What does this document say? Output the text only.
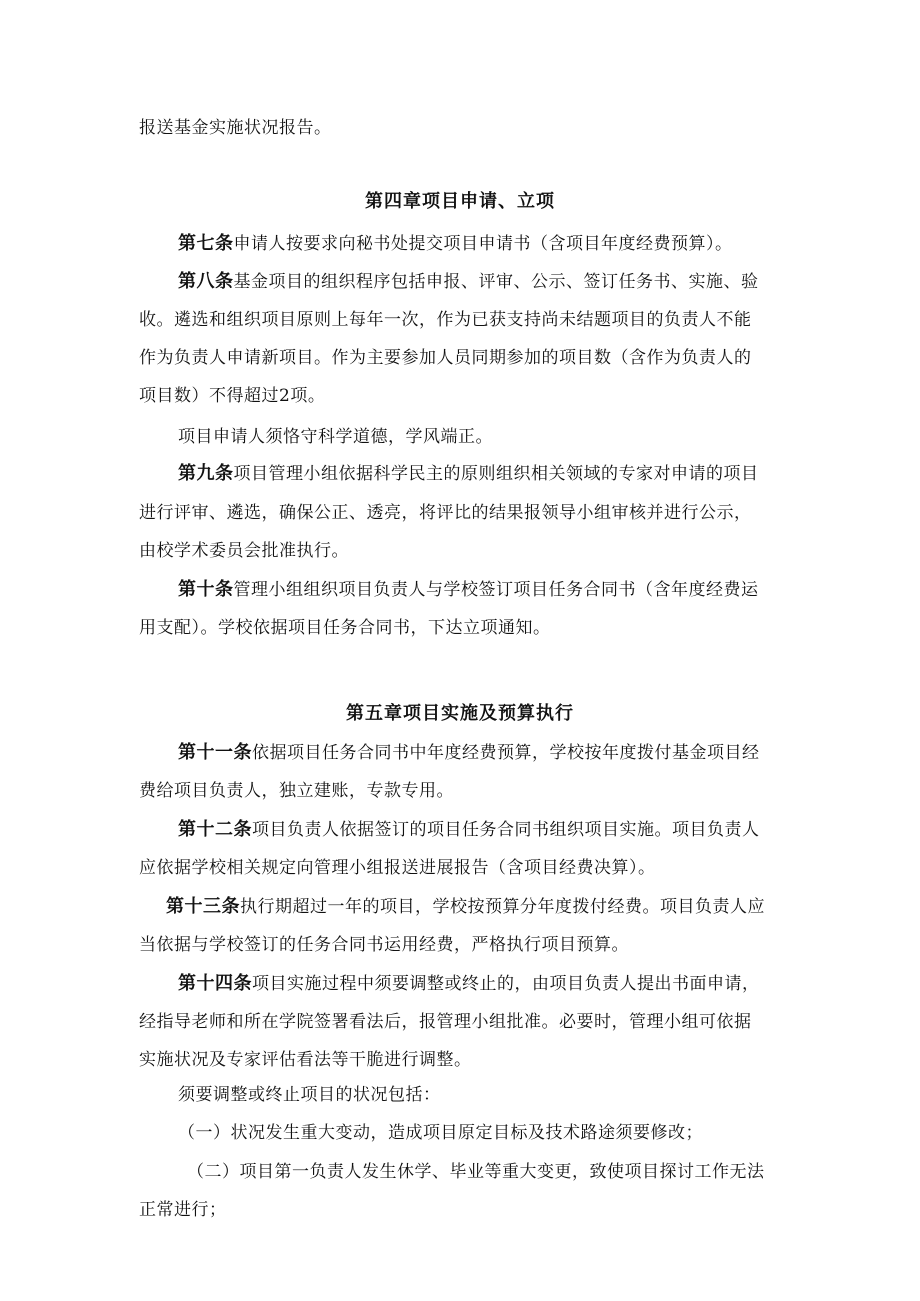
报送基金实施状况报告。

第四章项目申请、立项

第七条申请人按要求向秘书处提交项目申请书（含项目年度经费预算）。

第八条基金项目的组织程序包括申报、评审、公示、签订任务书、实施、验

收。遴选和组织项目原则上每年一次，作为已获支持尚未结题项目的负责人不能

作为负责人申请新项目。作为主要参加人员同期参加的项目数（含作为负责人的

项目数）不得超过2项。

项目申请人须恪守科学道德，学风端正。

第九条项目管理小组依据科学民主的原则组织相关领域的专家对申请的项目

进行评审、遴选，确保公正、透亮，将评比的结果报领导小组审核并进行公示，

由校学术委员会批准执行。

第十条管理小组组织项目负责人与学校签订项目任务合同书（含年度经费运

用支配）。学校依据项目任务合同书，下达立项通知。

第五章项目实施及预算执行

第十一条依据项目任务合同书中年度经费预算，学校按年度拨付基金项目经

费给项目负责人，独立建账，专款专用。

第十二条项目负责人依据签订的项目任务合同书组织项目实施。项目负责人

应依据学校相关规定向管理小组报送进展报告（含项目经费决算）。

第十三条执行期超过一年的项目，学校按预算分年度拨付经费。项目负责人应

当依据与学校签订的任务合同书运用经费，严格执行项目预算。

第十四条项目实施过程中须要调整或终止的，由项目负责人提出书面申请，

经指导老师和所在学院签署看法后，报管理小组批准。必要时，管理小组可依据

实施状况及专家评估看法等干脆进行调整。

须要调整或终止项目的状况包括：

（一）状况发生重大变动，造成项目原定目标及技术路途须要修改；

（二）项目第一负责人发生休学、毕业等重大变更，致使项目探讨工作无法

正常进行；
